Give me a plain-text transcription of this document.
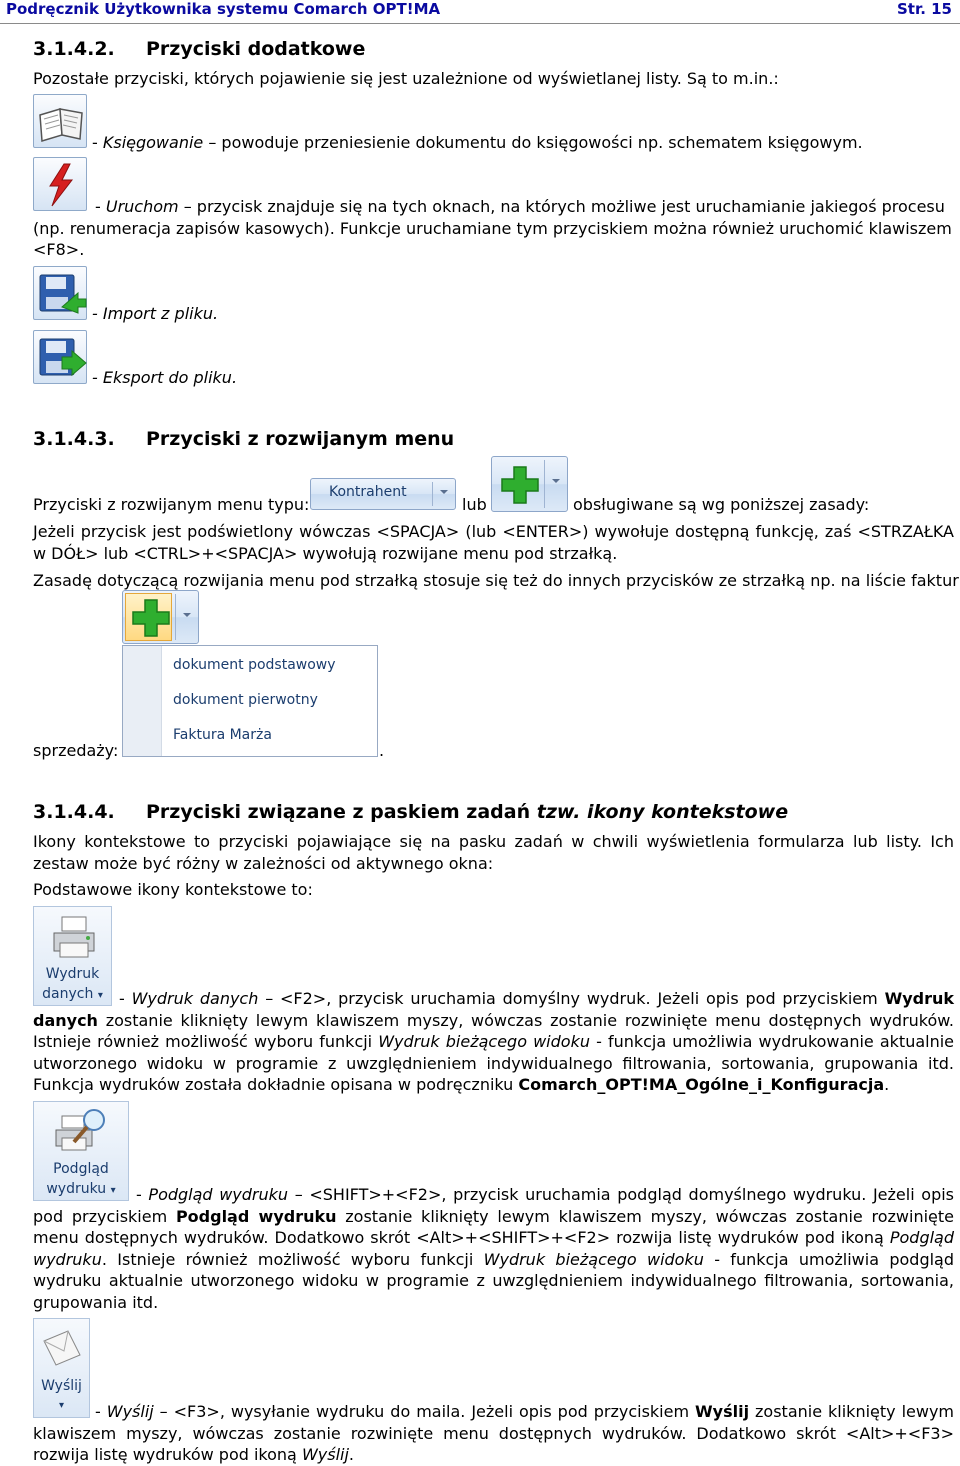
Podręcznik Użytkownika systemu Comarch OPT!MA	Str. 15
3.1.4.2. Przyciski dodatkowe
Pozostałe przyciski, których pojawienie się jest uzależnione od wyświetlanej listy. Są to m.in.:
- Księgowanie – powoduje przeniesienie dokumentu do księgowości np. schematem księgowym.
- Uruchom – przycisk znajduje się na tych oknach, na których możliwe jest uruchamianie jakiegoś procesu
(np. renumeracja zapisów kasowych). Funkcje uruchamiane tym przyciskiem można również uruchomić klawiszem
<F8>.
- Import z pliku.
- Eksport do pliku.
3.1.4.3. Przyciski z rozwijanym menu
Przyciski z rozwijanym menu typu:
Kontrahent
lub	obsługiwane są wg poniższej zasady:
Jeżeli przycisk jest podświetlony wówczas <SPACJA> (lub <ENTER>) wywołuje dostępną funkcję, zaś <STRZAŁKA w DÓŁ> lub <CTRL>+<SPACJA> wywołują rozwijane menu pod strzałką.
Zasadę dotyczącą rozwijania menu pod strzałką stosuje się też do innych przycisków ze strzałką np. na liście faktur
dokument podstawowy
dokument pierwotny
Faktura Marża
sprzedaży:	.
3.1.4.4. Przyciski związane z paskiem zadań tzw. ikony kontekstowe
Ikony kontekstowe to przyciski pojawiające się na pasku zadań w chwili wyświetlenia formularza lub listy. Ich zestaw może być różny w zależności od aktywnego okna:
Podstawowe ikony kontekstowe to:
Wydruk
danych ▾	- Wydruk danych – <F2>, przycisk uruchamia domyślny wydruk. Jeżeli opis pod przyciskiem Wydruk danych zostanie kliknięty lewym klawiszem myszy, wówczas zostanie rozwinięte menu dostępnych wydruków. Istnieje również możliwość wyboru funkcji Wydruk bieżącego widoku - funkcja umożliwia wydrukowanie aktualnie utworzonego widoku w programie z uwzględnieniem indywidualnego filtrowania, sortowania, grupowania itd. Funkcja wydruków została dokładnie opisana w podręczniku Comarch_OPT!MA_Ogólne_i_Konfiguracja.
Podgląd
wydruku ▾	- Podgląd wydruku – <SHIFT>+<F2>, przycisk uruchamia podgląd domyślnego wydruku. Jeżeli opis pod przyciskiem Podgląd wydruku zostanie kliknięty lewym klawiszem myszy, wówczas zostanie rozwinięte menu dostępnych wydruków. Dodatkowo skrót <Alt>+<SHIFT>+<F2> rozwija listę wydruków pod ikoną Podgląd wydruku. Istnieje również możliwość wyboru funkcji Wydruk bieżącego widoku - funkcja umożliwia podgląd wydruku aktualnie utworzonego widoku w programie z uwzględnieniem indywidualnego filtrowania, sortowania, grupowania itd.
Wyślij
▾	- Wyślij – <F3>, wysyłanie wydruku do maila. Jeżeli opis pod przyciskiem Wyślij zostanie kliknięty lewym klawiszem myszy, wówczas zostanie rozwinięte menu dostępnych wydruków. Dodatkowo skrót <Alt>+<F3> rozwija listę wydruków pod ikoną Wyślij.
